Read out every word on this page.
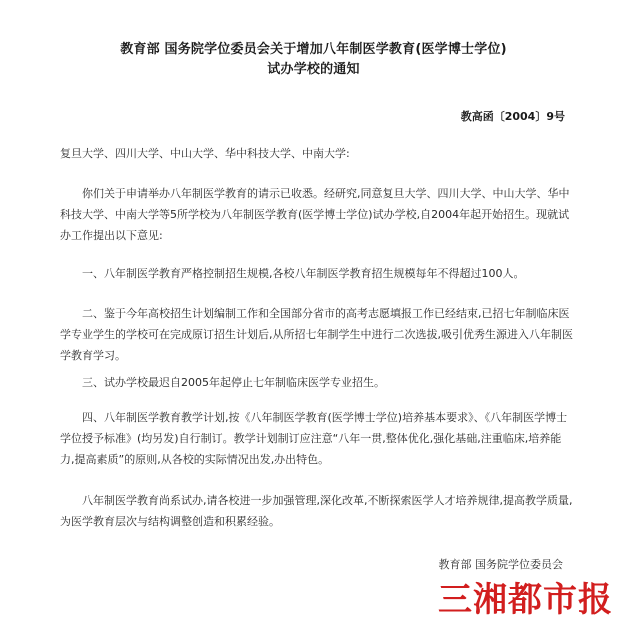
教育部 国务院学位委员会关于增加八年制医学教育(医学博士学位)
试办学校的通知
教高函〔2004〕9号

复旦大学、四川大学、中山大学、华中科技大学、中南大学:

你们关于申请举办八年制医学教育的请示已收悉。经研究,同意复旦大学、四川大学、中山大学、华中科技大学、中南大学等5所学校为八年制医学教育(医学博士学位)试办学校,自2004年起开始招生。现就试办工作提出以下意见:

一、八年制医学教育严格控制招生规模,各校八年制医学教育招生规模每年不得超过100人。

二、鉴于今年高校招生计划编制工作和全国部分省市的高考志愿填报工作已经结束,已招七年制临床医学专业学生的学校可在完成原订招生计划后,从所招七年制学生中进行二次选拔,吸引优秀生源进入八年制医学教育学习。

三、试办学校最迟自2005年起停止七年制临床医学专业招生。

四、八年制医学教育教学计划,按《八年制医学教育(医学博士学位)培养基本要求》、《八年制医学博士学位授予标准》(均另发)自行制订。教学计划制订应注意“八年一贯,整体优化,强化基础,注重临床,培养能力,提高素质”的原则,从各校的实际情况出发,办出特色。

八年制医学教育尚系试办,请各校进一步加强管理,深化改革,不断探索医学人才培养规律,提高教学质量,为医学教育层次与结构调整创造和积累经验。

教育部 国务院学位委员会
三湘都市报
